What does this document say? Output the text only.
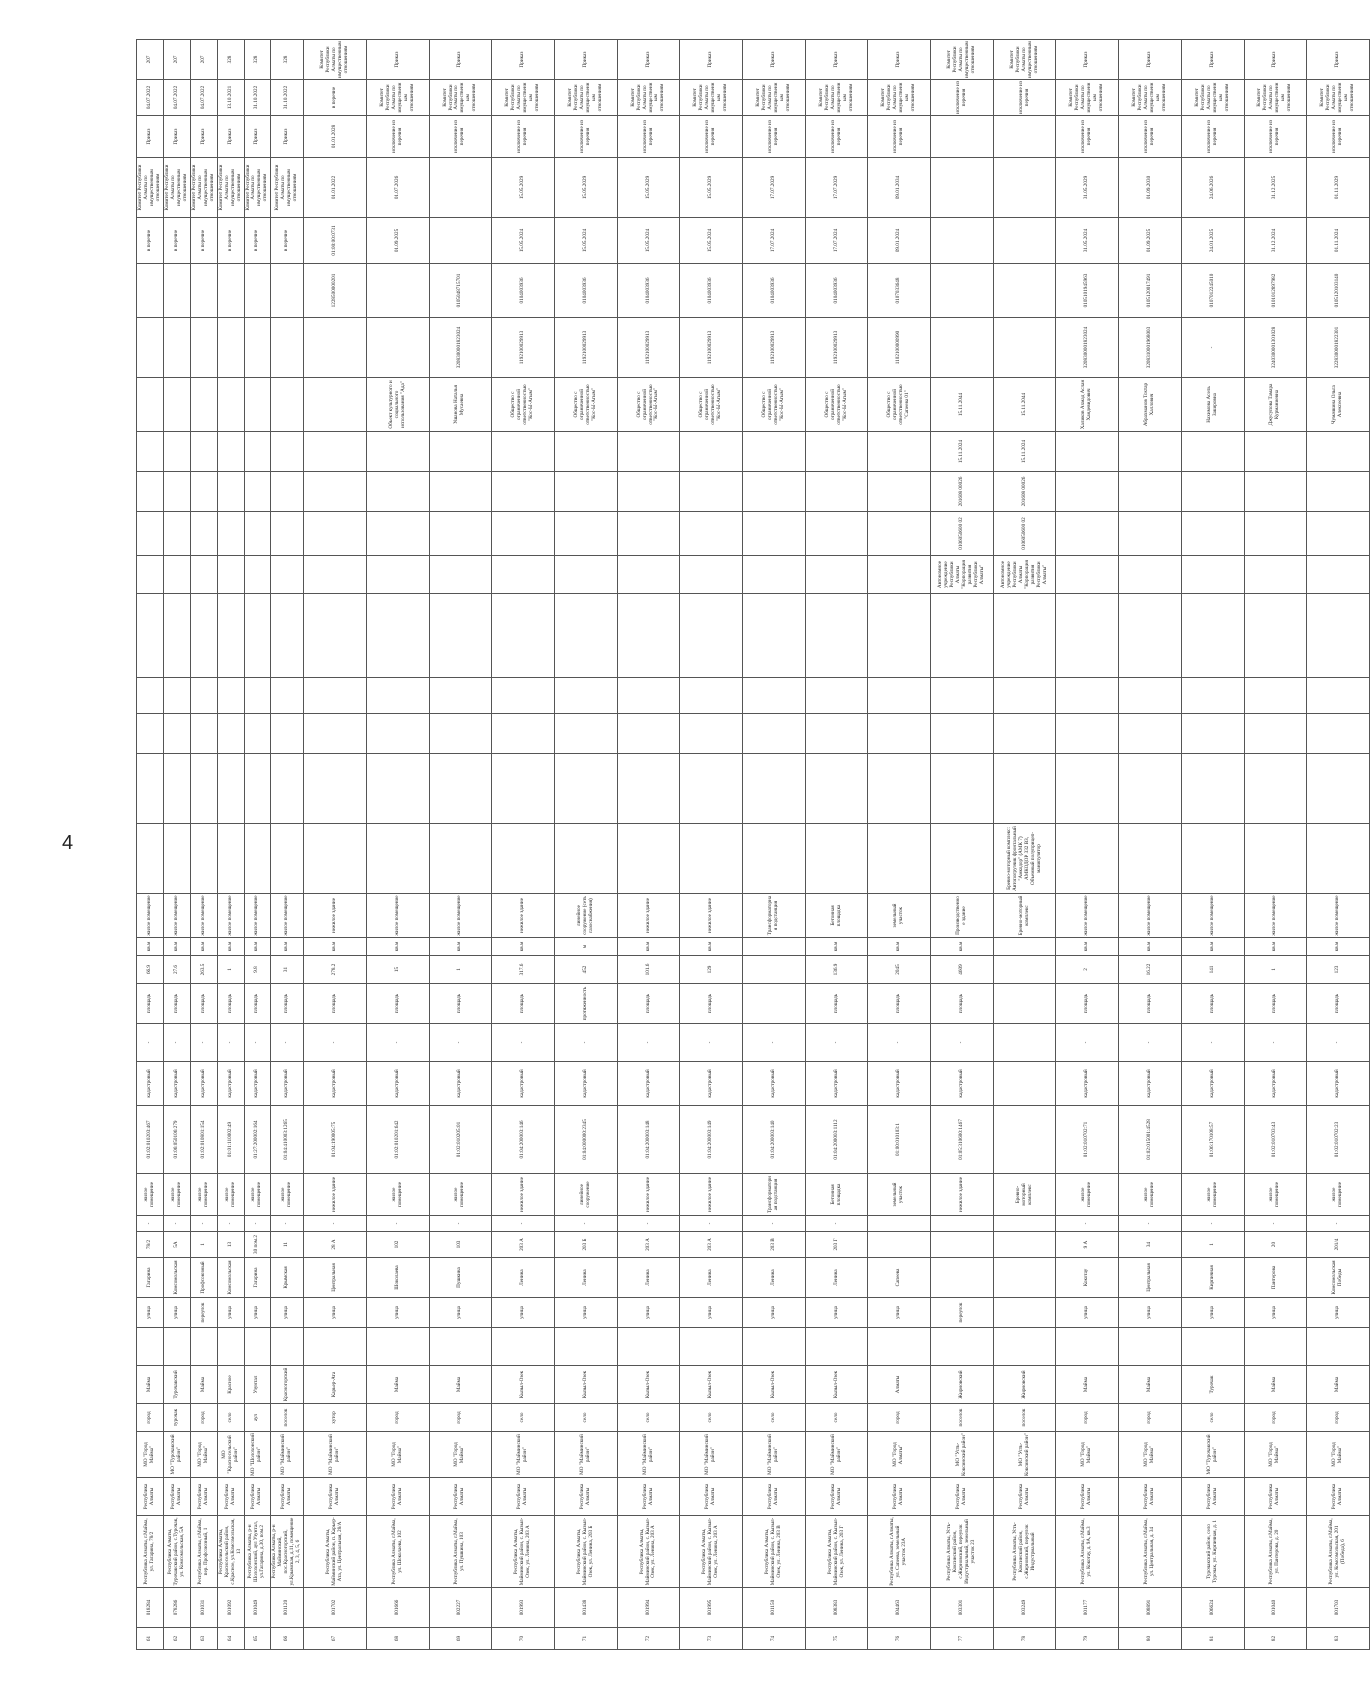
4
61	018284	Республика Алматы, г.Майма, ул. Гагарина, 78/2	Республика Алматы	МО "Город Майма"	город	Майма		улица	Гагарина	78/2	-	жилое помещение	01:02:010203:467	кадастровый	-	площадь	66.9	кв.м	жилое помещение													в перечне	Комитет Республики Алматы по имущественным отношениям	Приказ	04.07.2022	207	
62	078286	Республика Алматы, Турочакский район, с.Турочак, ул. Комсомольская, 5А	Республика Алматы	МО "Турочакский район"	турочак	Турочакский		улица	Комсомольская	5А	-	жилое помещение	01:06:050106:279	кадастровый	-	площадь	27.6	кв.м	жилое помещение													в перечне	Комитет Республики Алматы по имущественным отношениям	Приказ	04.07.2022	207	
63	001031	Республика Алматы, г.Майма, пер. Профсоюзный, 1	Республика Алматы	МО "Город Майма"	город	Майма		переулок	Профсоюзный	1	-	жилое помещение	01:02:010801:154	кадастровый	-	площадь	263.5	кв.м	жилое помещение													в перечне	Комитет Республики Алматы по имущественным отношениям	Приказ	04.07.2022	207	
64	001092	Республика Алматы, Красносельский район, с.Красное, ул.Комсомольская, 13	Республика Алматы	МО "Красносельский район"	село	Красное		улица	Комсомольская	13	-	жилое помещение	01:01:110002:49	кадастровый	-	площадь	1	кв.м	жилое помещение													в перечне	Комитет Республики Алматы по имущественным отношениям	Приказ	13.10.2021	328	
65	001049	Республика Алматы, р-н Шолохонский, аул Узунтал, ул.Гагарина, д.30, пом.2	Республика Алматы	МО "Шолохонский район"	аул	Узунтал		улица	Гагарина	30 пом.2	-	жилое помещение	01:27:200002:164	кадастровый	-	площадь	9.8	кв.м	жилое помещение													в перечне	Комитет Республики Алматы по имущественным отношениям	Приказ	31.10.2022	328	
66	001120	Республика Алматы, р-н Майминский, пос.Красногорский, ул.Крымская, д.11, помещение 2, 3, 4, 5, 6	Республика Алматы	МО "Майминский район"	поселок	Красногорский		улица	Крымская	11	-	жилое помещение	01:04:410003:1265	кадастровый	-	площадь	31	кв.м	жилое помещение													в перечне	Комитет Республики Алматы по имущественным отношениям	Приказ	31.10.2022	328	
67	001702	Республика Алматы, Майминский район, п. Карьер-Ата, ул. Центральная, 28/А	Республика Алматы	МО "Майминский район"	хутор	Карьер-Ата		улица	Центральная	28 А	-	нежилое здание	01:04:190005:75	кадастровый	-	площадь	278.2	кв.м	нежилое здание												1228500000201	01:00:00:0731	01.01.2022	01.01.2028	в перечне	Комитет Республики Алматы по имущественным отношениям			
68	001666	Республика Алматы, г.Майма, ул. Шоколаева, 102	Республика Алматы	МО "Город Майма"	город	Майма		улица	Шоколаева	102	-	жилое помещение	01:02:010201:642	кадастровый	-	площадь	15	кв.м	жилое помещение										Объект культурного и социального использования "Ада"			01.09.2025	01.07.2026	исключение из перечня	Комитет Республики Алматы по имущественным отношениям	Приказ		
69	002227	Республика Алматы, г.Майма, ул. Пушкина, 103	Республика Алматы	МО "Город Майма"	город	Майма		улица	Пушкина	103	-	жилое помещение	01:02:010205:01	кадастровый	-	площадь	1	кв.м	жилое помещение										Ушанова Наталья Мусаевна	3208300001823024	0105048715701			исключение из перечня	Комитет Республики Алматы по имущественным отношениям	Приказ		
70	001993	Республика Алматы, Майминский район, с. Кызыл-Озек, ул. Ленина, 203 А	Республика Алматы	МО "Майминский район"	село	Кызыл-Озек		улица	Ленина	203 А	-	нежилое здание	01:04:200003:146	кадастровый	-	площадь	317.6	кв.м	нежилое здание										Общество с ограниченной ответственностью "Кос-Ы-Агым"	1192100029913	0104003936	15.05.2024	15.05.2029	исключение из перечня	Комитет Республики Алматы по имущественным отношениям	Приказ		
71	001438	Республика Алматы, Майминский район, с. Кызыл-Озек, ул. Ленина, 203 Б	Республика Алматы	МО "Майминский район"	село	Кызыл-Озек		улица	Ленина	203 Б	-	линейное сооружение	01:04:000000:2345	кадастровый	-	протяженность	452	м	линейное сооружение (сеть газоснабжения)										Общество с ограниченной ответственностью "Кос-Ы-Агым"	1192100029913	0104003936	15.05.2024	15.05.2029	исключение из перечня	Комитет Республики Алматы по имущественным отношениям	Приказ		
72	001994	Республика Алматы, Майминский район, с. Кызыл-Озек, ул. Ленина, 203 А	Республика Алматы	МО "Майминский район"	село	Кызыл-Озек		улица	Ленина	203 А	-	нежилое здание	01:04:200003:148	кадастровый	-	площадь	101.6	кв.м	нежилое здание										Общество с ограниченной ответственностью "Кос-Ы-Агым"	1192100029913	0104003936	15.05.2024	15.05.2029	исключение из перечня	Комитет Республики Алматы по имущественным отношениям	Приказ		
73	001995	Республика Алматы, Майминский район, с. Кызыл-Озек, ул. Ленина, 203 А	Республика Алматы	МО "Майминский район"	село	Кызыл-Озек		улица	Ленина	203 А	-	нежилое здание	01:04:200003:149	кадастровый	-	площадь	129	кв.м	нежилое здание										Общество с ограниченной ответственностью "Кос-Ы-Агым"	1192100029913	0104003936	15.05.2024	15.05.2029	исключение из перечня	Комитет Республики Алматы по имущественным отношениям	Приказ		
74	001150	Республика Алматы, Майминский район, с. Кызыл-Озек, ул. Ленина, 203 В	Республика Алматы	МО "Майминский район"	село	Кызыл-Озек		улица	Ленина	203 В	-	Трансформаторная подстанция	01:04:200003:140	кадастровый	-				Трансформаторная подстанция										Общество с ограниченной ответственностью "Кос-Ы-Агым"	1192100029913	0104003936	17.07.2024	17.07.2029	исключение из перечня	Комитет Республики Алматы по имущественным отношениям	Приказ		
75	008383	Республика Алматы, Майминский район, с. Кызыл-Озек, ул. Ленина, 203 Г	Республика Алматы	МО "Майминский район"	село	Кызыл-Озек		улица	Ленина	203 Г	-	Бетонная площадка	01:04:200003:1112	кадастровый	-	площадь	136.9	кв.м	Бетонная площадка										Общество с ограниченной ответственностью "Кос-Ы-Агым"	1192100029913	0104003936	17.07.2024	17.07.2029	исключение из перечня	Комитет Республики Алматы по имущественным отношениям	Приказ		
76	004463	Республика Алматы, г.Алматы, ул. Сапеева, земельный участок 23А	Республика Алматы	МО "Город Алматы"	город	Алматы		улица	Сапеева			земельный участок	01:00:010103:1	кадастровый	-	площадь	2045	кв.м	земельный участок										Общество с ограниченной ответственностью "Сапеева 01"	1102100000990	0107033648	09.01.2024	09.01.2034	исключение из перечня	Комитет Республики Алматы по имущественным отношениям	Приказ		
77	003301	Республика Алматы, Усть-Коксинский район, с.Жирновский, переулок Индустриальный, земельный участок 23	Республика Алматы	МО "Усть-Коксинский район"	поселок	Жирновский		переулок				нежилое здание	01:05:310600:1467	кадастровый	-	площадь	4609	кв.м	Производственное здание						Автономное учреждение Республики Алматы "Корпорация развития Республики Алматы"	0106050600 02	201608 00026	15.11.2024	15.11.2044						исключение из перечня	Комитет Республики Алматы по имущественным отношениям			
78	003249	Республика Алматы, Усть-Коксинский район, с.Жирновский, переулок Индустриальный	Республика Алматы	МО "Усть-Коксинский район"	поселок	Жирновский						Бревно-моторный комплекс							Бревно-моторный комплекс	Бревно-моторный комплекс: Автопогрузчик фронтальный "Амкодор" (АМК 7) АМКОДОР 332 ВЗ, Объемный полуприцеп-манипулятор					Автономное учреждение Республики Алматы "Корпорация развития Республики Алматы"	0106050600 02	201608 00026	15.11.2024	15.11.2044						исключение из перечня	Комитет Республики Алматы по имущественным отношениям			
79	001177	Республика Алматы, г.Майма, ул. Кокотау, д. 9А, кв.3	Республика Алматы	МО "Город Майма"	город	Майма		улица	Кокотау	9 А	-	жилое помещение	01:02:010702:71	кадастровый	-	площадь	2	кв.м	жилое помещение										Халиков Ахмад Аслан Хандевидович	3208300001823024	0105101945963	31.05.2024	31.05.2029	исключение из перечня	Комитет Республики Алматы по имущественным отношениям	Приказ		
80	008891	Республика Алматы, г.Майма, ул. Центральная, д. 34	Республика Алматы	МО "Город Майма"	город	Майма		улица	Центральная	34	-	жилое помещение	01:02:015001:4528	кадастровый	-	площадь	16.22	кв.м	жилое помещение										Абрахманов Тохтар Халлович	3208310001968003	0105120017491	01.09.2025	01.09.2030	исключение из перечня	Комитет Республики Алматы по имущественным отношениям	Приказ		
81	006624	Турочакский район, село Турочак, ул. Кирпичная, д. 1	Республика Алматы	МО "Турочакский район"	село	Турочак		улица	Кирпичная	1	-	жилое помещение	01:06:170108:57	кадастровый	-	площадь	141	кв.м	жилое помещение										Нахимова Асель Закировна	-	0107012245010	24.01.2025	24.06.2026	исключение из перечня	Комитет Республики Алматы по имущественным отношениям	Приказ		
82	001040	Республика Алматы, г.Майма, ул. Пантерова, д. 20	Республика Алматы	МО "Город Майма"	город	Майма		улица	Пантерова	20	-	жилое помещение	01:02:010703:43	кадастровый	-	площадь	1	кв.м	жилое помещение										Джусупова Тамара Курманиевна	3240300001301028	0101012897982	31.12.2024	31.12.2025	исключение из перечня	Комитет Республики Алматы по имущественным отношениям	Приказ		
83	001703	Республика Алматы, г.Майма, ул. Комсомольская, 201 (Победа), 6	Республика Алматы	МО "Город Майма"	город	Майма		улица	Комсомольская Победы	201/4	-	жилое помещение	01:02:010702:23	кадастровый	-	площадь	123	кв.м	жилое помещение										Чумачкина Ольга Алексеевна	3228300001822301	0105120103140	01.11.2024	01.11.2029	исключение из перечня	Комитет Республики Алматы по имущественным отношениям	Приказ		
